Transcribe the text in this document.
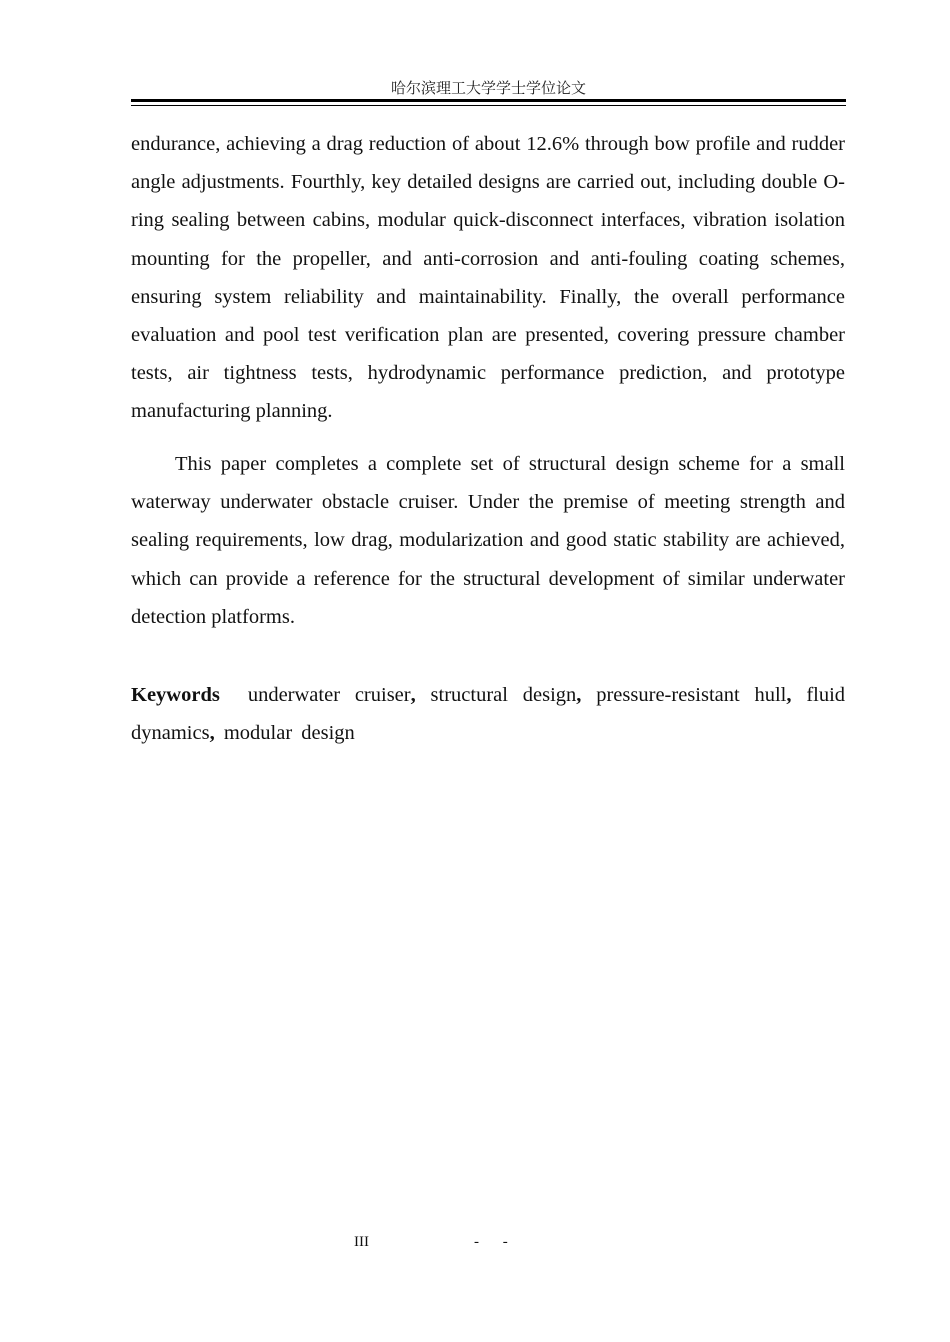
哈尔滨理工大学学士学位论文

endurance, achieving a drag reduction of about 12.6% through bow profile and rudder angle adjustments. Fourthly, key detailed designs are carried out, including double O-ring sealing between cabins, modular quick-disconnect interfaces, vibration isolation mounting for the propeller, and anti-corrosion and anti-fouling coating schemes, ensuring system reliability and maintainability. Finally, the overall performance evaluation and pool test verification plan are presented, covering pressure chamber tests, air tightness tests, hydrodynamic performance prediction, and prototype manufacturing planning.

This paper completes a complete set of structural design scheme for a small waterway underwater obstacle cruiser. Under the premise of meeting strength and sealing requirements, low drag, modularization and good static stability are achieved, which can provide a reference for the structural development of similar underwater detection platforms.

Keywords underwater cruiser, structural design, pressure-resistant hull, fluid dynamics, modular design

III	- -
